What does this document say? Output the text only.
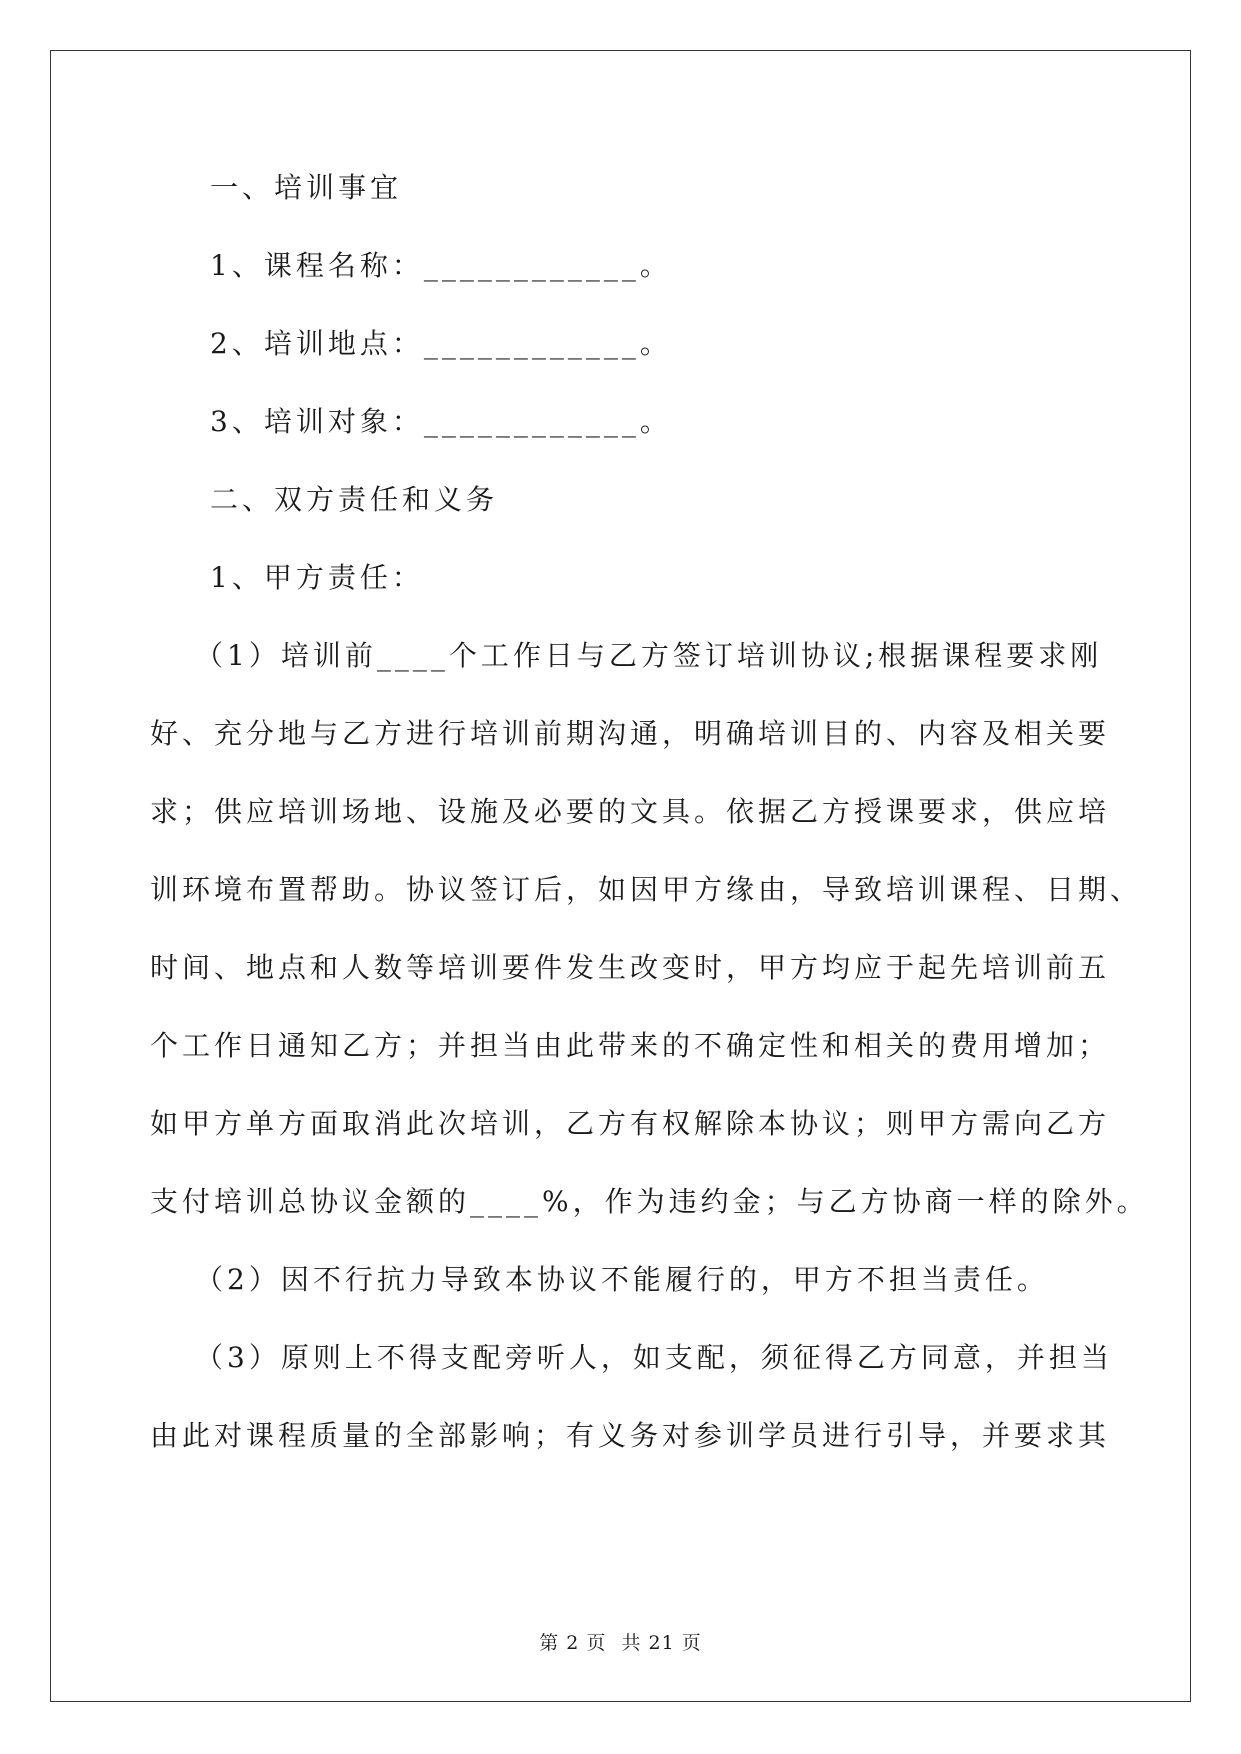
一、培训事宜
1、课程名称：____________。
2、培训地点：____________。
3、培训对象：____________。
二、双方责任和义务
1、甲方责任：
（1）培训前____个工作日与乙方签订培训协议;根据课程要求刚
好、充分地与乙方进行培训前期沟通，明确培训目的、内容及相关要
求；供应培训场地、设施及必要的文具。依据乙方授课要求，供应培
训环境布置帮助。协议签订后，如因甲方缘由，导致培训课程、日期、
时间、地点和人数等培训要件发生改变时，甲方均应于起先培训前五
个工作日通知乙方；并担当由此带来的不确定性和相关的费用增加；
如甲方单方面取消此次培训，乙方有权解除本协议；则甲方需向乙方
支付培训总协议金额的____%，作为违约金；与乙方协商一样的除外。
（2）因不行抗力导致本协议不能履行的，甲方不担当责任。
（3）原则上不得支配旁听人，如支配，须征得乙方同意，并担当
由此对课程质量的全部影响；有义务对参训学员进行引导，并要求其
第 2 页 共 21 页
